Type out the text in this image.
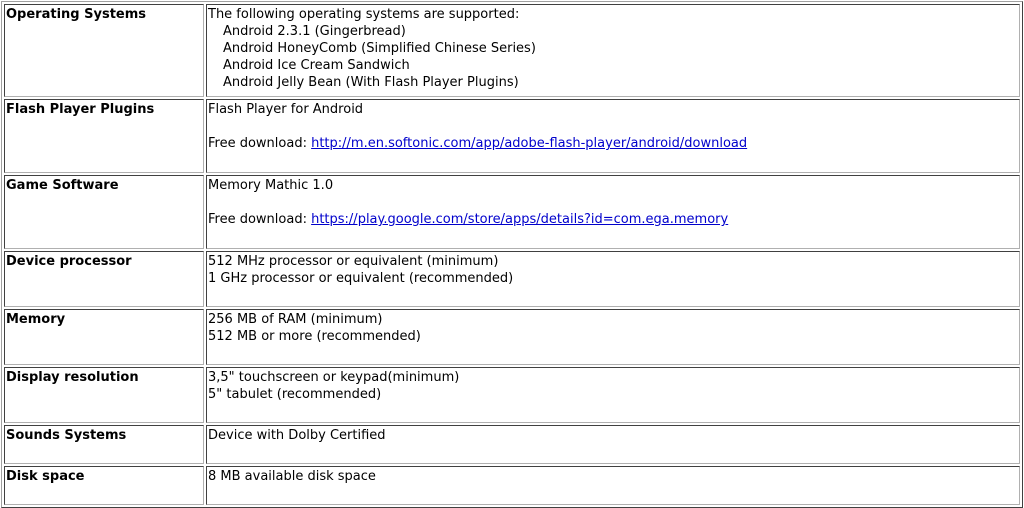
Operating Systems	The following operating systems are supported:
Android 2.3.1 (Gingerbread)
Android HoneyComb (Simplified Chinese Series)
Android Ice Cream Sandwich
Android Jelly Bean (With Flash Player Plugins)

Flash Player Plugins	Flash Player for Android
Free download: http://m.en.softonic.com/app/adobe-flash-player/android/download

Game Software	Memory Mathic 1.0
Free download: https://play.google.com/store/apps/details?id=com.ega.memory

Device processor	512 MHz processor or equivalent (minimum)
1 GHz processor or equivalent (recommended)

Memory	256 MB of RAM (minimum)
512 MB or more (recommended)

Display resolution	3,5" touchscreen or keypad(minimum)
5" tabulet (recommended)

Sounds Systems	Device with Dolby Certified

Disk space	8 MB available disk space
